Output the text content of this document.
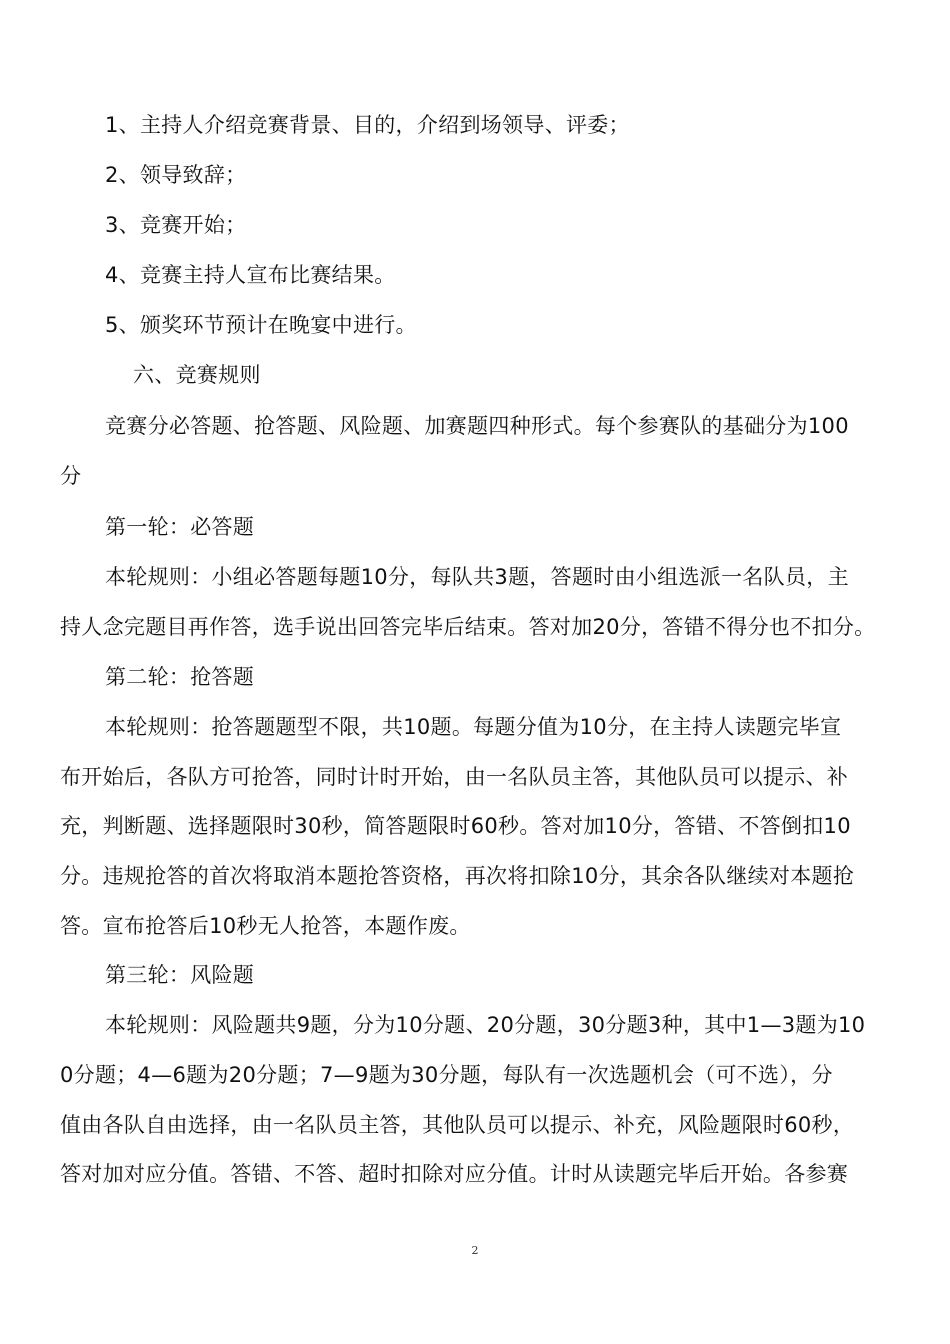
1、主持人介绍竞赛背景、目的，介绍到场领导、评委；
2、领导致辞；
3、竞赛开始；
4、竞赛主持人宣布比赛结果。
5、颁奖环节预计在晚宴中进行。
六、竞赛规则
竞赛分必答题、抢答题、风险题、加赛题四种形式。每个参赛队的基础分为100
分
第一轮：必答题
本轮规则：小组必答题每题10分，每队共3题，答题时由小组选派一名队员，主
持人念完题目再作答，选手说出回答完毕后结束。答对加20分，答错不得分也不扣分。
第二轮：抢答题
本轮规则：抢答题题型不限，共10题。每题分值为10分，在主持人读题完毕宣
布开始后，各队方可抢答，同时计时开始，由一名队员主答，其他队员可以提示、补
充，判断题、选择题限时30秒，简答题限时60秒。答对加10分，答错、不答倒扣10
分。违规抢答的首次将取消本题抢答资格，再次将扣除10分，其余各队继续对本题抢
答。宣布抢答后10秒无人抢答，本题作废。
第三轮：风险题
本轮规则：风险题共9题，分为10分题、20分题，30分题3种，其中1—3题为10
0分题；4—6题为20分题；7—9题为30分题，每队有一次选题机会（可不选），分
值由各队自由选择，由一名队员主答，其他队员可以提示、补充，风险题限时60秒，
答对加对应分值。答错、不答、超时扣除对应分值。计时从读题完毕后开始。各参赛
2
